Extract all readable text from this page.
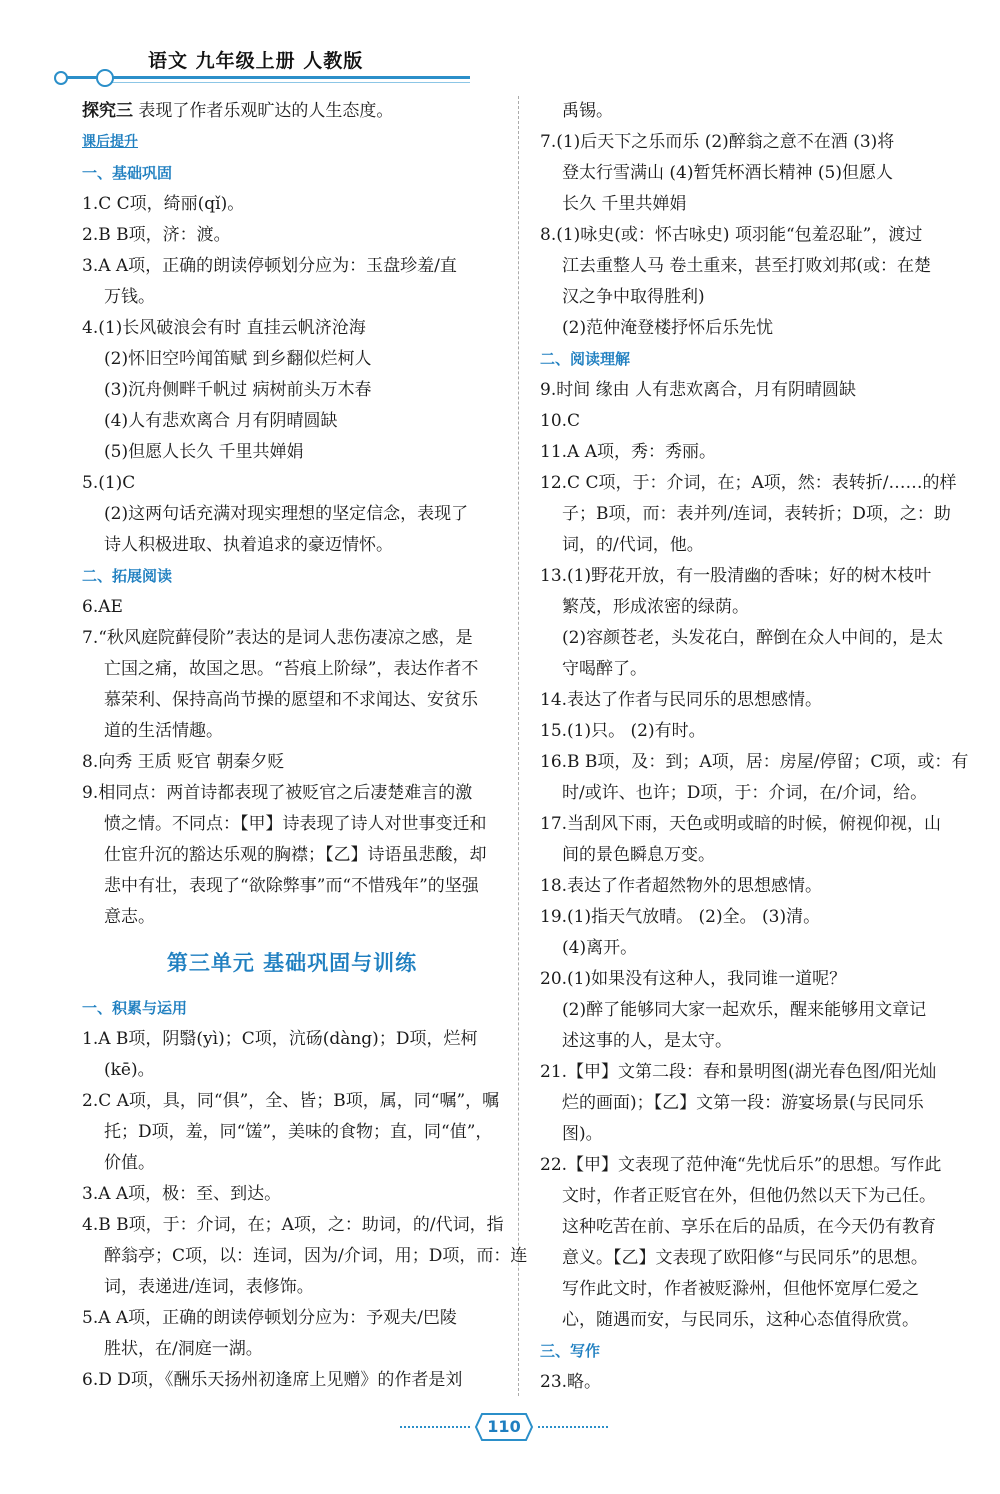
语文 九年级上册 人教版
探究三 表现了作者乐观旷达的人生态度。
课后提升
一、基础巩固
1.C C项，绮丽(qǐ)。
2.B B项，济：渡。
3.A A项，正确的朗读停顿划分应为：玉盘珍羞/直
万钱。
4.(1)长风破浪会有时 直挂云帆济沧海
(2)怀旧空吟闻笛赋 到乡翻似烂柯人
(3)沉舟侧畔千帆过 病树前头万木春
(4)人有悲欢离合 月有阴晴圆缺
(5)但愿人长久 千里共婵娟
5.(1)C
(2)这两句话充满对现实理想的坚定信念，表现了
诗人积极进取、执着追求的豪迈情怀。
二、拓展阅读
6.AE
7.“秋风庭院藓侵阶”表达的是词人悲伤凄凉之感，是
亡国之痛，故国之思。“苔痕上阶绿”，表达作者不
慕荣利、保持高尚节操的愿望和不求闻达、安贫乐
道的生活情趣。
8.向秀 王质 贬官 朝秦夕贬
9.相同点：两首诗都表现了被贬官之后凄楚难言的激
愤之情。不同点：【甲】诗表现了诗人对世事变迁和
仕宦升沉的豁达乐观的胸襟；【乙】诗语虽悲酸，却
悲中有壮，表现了“欲除弊事”而“不惜残年”的坚强
意志。
第三单元 基础巩固与训练
一、积累与运用
1.A B项，阴翳(yì)；C项，沆砀(dàng)；D项，烂柯
(kē)。
2.C A项，具，同“俱”，全、皆；B项，属，同“嘱”，嘱
托；D项，羞，同“馐”，美味的食物；直，同“值”，
价值。
3.A A项，极：至、到达。
4.B B项，于：介词，在；A项，之：助词，的/代词，指
醉翁亭；C项，以：连词，因为/介词，用；D项，而：连
词，表递进/连词，表修饰。
5.A A项，正确的朗读停顿划分应为：予观夫/巴陵
胜状，在/洞庭一湖。
6.D D项，《酬乐天扬州初逢席上见赠》的作者是刘
禹锡。
7.(1)后天下之乐而乐 (2)醉翁之意不在酒 (3)将
登太行雪满山 (4)暂凭杯酒长精神 (5)但愿人
长久 千里共婵娟
8.(1)咏史(或：怀古咏史) 项羽能“包羞忍耻”，渡过
江去重整人马 卷土重来，甚至打败刘邦(或：在楚
汉之争中取得胜利)
(2)范仲淹登楼抒怀后乐先忧
二、阅读理解
9.时间 缘由 人有悲欢离合，月有阴晴圆缺
10.C
11.A A项，秀：秀丽。
12.C C项，于：介词，在；A项，然：表转折/……的样
子；B项，而：表并列/连词，表转折；D项，之：助
词，的/代词，他。
13.(1)野花开放，有一股清幽的香味；好的树木枝叶
繁茂，形成浓密的绿荫。
(2)容颜苍老，头发花白，醉倒在众人中间的，是太
守喝醉了。
14.表达了作者与民同乐的思想感情。
15.(1)只。 (2)有时。
16.B B项，及：到；A项，居：房屋/停留；C项，或：有
时/或许、也许；D项，于：介词，在/介词，给。
17.当刮风下雨，天色或明或暗的时候，俯视仰视，山
间的景色瞬息万变。
18.表达了作者超然物外的思想感情。
19.(1)指天气放晴。 (2)全。 (3)清。
(4)离开。
20.(1)如果没有这种人，我同谁一道呢？
(2)醉了能够同大家一起欢乐，醒来能够用文章记
述这事的人，是太守。
21.【甲】文第二段：春和景明图(湖光春色图/阳光灿
烂的画面)；【乙】文第一段：游宴场景(与民同乐
图)。
22.【甲】文表现了范仲淹“先忧后乐”的思想。写作此
文时，作者正贬官在外，但他仍然以天下为己任。
这种吃苦在前、享乐在后的品质，在今天仍有教育
意义。【乙】文表现了欧阳修“与民同乐”的思想。
写作此文时，作者被贬滁州，但他怀宽厚仁爱之
心，随遇而安，与民同乐，这种心态值得欣赏。
三、写作
23.略。
110
